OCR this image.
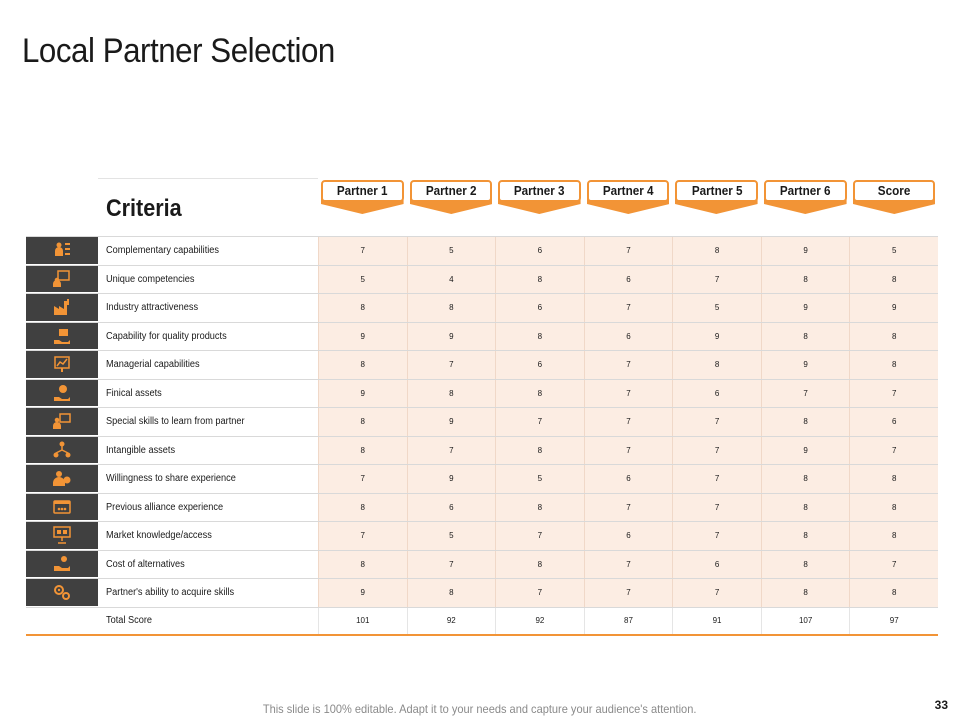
Local Partner Selection
Criteria
Partner 1	Partner 2	Partner 3	Partner 4	Partner 5	Partner 6	Score
Complementary capabilities	7	5	6	7	8	9	5
Unique competencies	5	4	8	6	7	8	8
Industry attractiveness	8	8	6	7	5	9	9
Capability for quality products	9	9	8	6	9	8	8
Managerial capabilities	8	7	6	7	8	9	8
Finical assets	9	8	8	7	6	7	7
Special skills to learn from partner	8	9	7	7	7	8	6
Intangible assets	8	7	8	7	7	9	7
Willingness to share experience	7	9	5	6	7	8	8
Previous alliance experience	8	6	8	7	7	8	8
Market knowledge/access	7	5	7	6	7	8	8
Cost of alternatives	8	7	8	7	6	8	7
Partner's ability to acquire skills	9	8	7	7	7	8	8
Total Score	101	92	92	87	91	107	97
This slide is 100% editable. Adapt it to your needs and capture your audience's attention.	33
